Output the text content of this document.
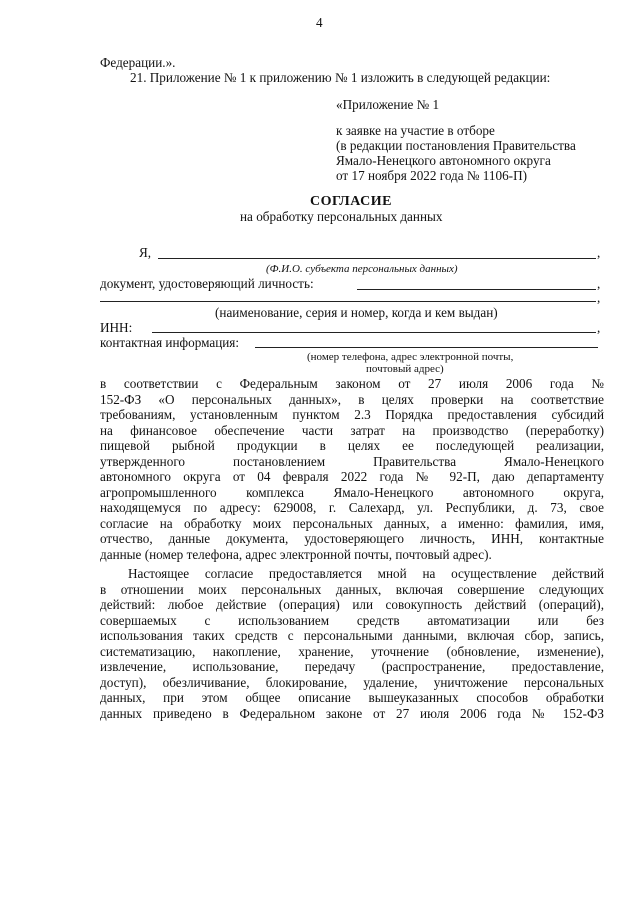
4
Федерации.».
21. Приложение № 1 к приложению № 1 изложить в следующей редакции:
«Приложение № 1
к заявке на участие в отборе
(в редакции постановления Правительства
Ямало-Ненецкого автономного округа
от 17 ноября 2022 года № 1106-П)
СОГЛАСИЕ
на обработку персональных данных
Я,	,
(Ф.И.О. субъекта персональных данных)
документ, удостоверяющий личность:	,
,
(наименование, серия и номер, когда и кем выдан)
ИНН:	,
контактная информация:
(номер телефона, адрес электронной почты,
почтовый адрес)
в соответствии с Федеральным законом от 27 июля 2006 года №
152-ФЗ «О персональных данных», в целях проверки на соответствие
требованиям, установленным пунктом 2.3 Порядка предоставления субсидий
на финансовое обеспечение части затрат на производство (переработку)
пищевой рыбной продукции в целях ее последующей реализации,
утвержденного постановлением Правительства Ямало-Ненецкого
автономного округа от 04 февраля 2022 года № 92-П, даю департаменту
агропромышленного комплекса Ямало-Ненецкого автономного округа,
находящемуся по адресу: 629008, г. Салехард, ул. Республики, д. 73, свое
согласие на обработку моих персональных данных, а именно: фамилия, имя,
отчество, данные документа, удостоверяющего личность, ИНН, контактные
данные (номер телефона, адрес электронной почты, почтовый адрес).
Настоящее согласие предоставляется мной на осуществление действий
в отношении моих персональных данных, включая совершение следующих
действий: любое действие (операция) или совокупность действий (операций),
совершаемых с использованием средств автоматизации или без
использования таких средств с персональными данными, включая сбор, запись,
систематизацию, накопление, хранение, уточнение (обновление, изменение),
извлечение, использование, передачу (распространение, предоставление,
доступ), обезличивание, блокирование, удаление, уничтожение персональных
данных, при этом общее описание вышеуказанных способов обработки
данных приведено в Федеральном законе от 27 июля 2006 года № 152-ФЗ
